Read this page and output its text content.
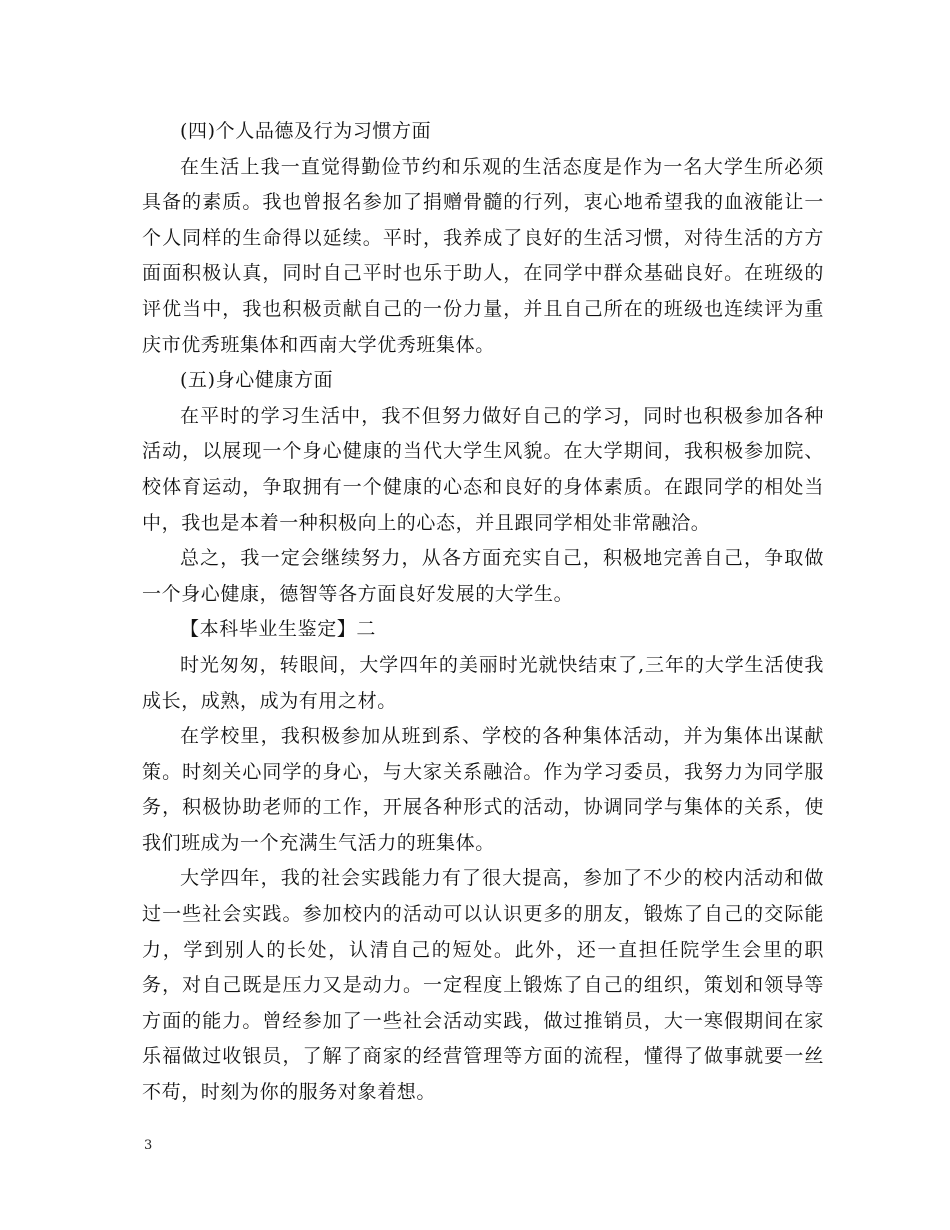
(四)个人品德及行为习惯方面

在生活上我一直觉得勤俭节约和乐观的生活态度是作为一名大学生所必须具备的素质。我也曾报名参加了捐赠骨髓的行列，衷心地希望我的血液能让一个人同样的生命得以延续。平时，我养成了良好的生活习惯，对待生活的方方面面积极认真，同时自己平时也乐于助人，在同学中群众基础良好。在班级的评优当中，我也积极贡献自己的一份力量，并且自己所在的班级也连续评为重庆市优秀班集体和西南大学优秀班集体。

(五)身心健康方面

在平时的学习生活中，我不但努力做好自己的学习，同时也积极参加各种活动，以展现一个身心健康的当代大学生风貌。在大学期间，我积极参加院、校体育运动，争取拥有一个健康的心态和良好的身体素质。在跟同学的相处当中，我也是本着一种积极向上的心态，并且跟同学相处非常融洽。

总之，我一定会继续努力，从各方面充实自己，积极地完善自己，争取做一个身心健康，德智等各方面良好发展的大学生。

【本科毕业生鉴定】二

时光匆匆，转眼间，大学四年的美丽时光就快结束了,三年的大学生活使我成长，成熟，成为有用之材。

在学校里，我积极参加从班到系、学校的各种集体活动，并为集体出谋献策。时刻关心同学的身心，与大家关系融洽。作为学习委员，我努力为同学服务，积极协助老师的工作，开展各种形式的活动，协调同学与集体的关系，使我们班成为一个充满生气活力的班集体。

大学四年，我的社会实践能力有了很大提高，参加了不少的校内活动和做过一些社会实践。参加校内的活动可以认识更多的朋友，锻炼了自己的交际能力，学到别人的长处，认清自己的短处。此外，还一直担任院学生会里的职务，对自己既是压力又是动力。一定程度上锻炼了自己的组织，策划和领导等方面的能力。曾经参加了一些社会活动实践，做过推销员，大一寒假期间在家乐福做过收银员，了解了商家的经营管理等方面的流程，懂得了做事就要一丝不苟，时刻为你的服务对象着想。

3
